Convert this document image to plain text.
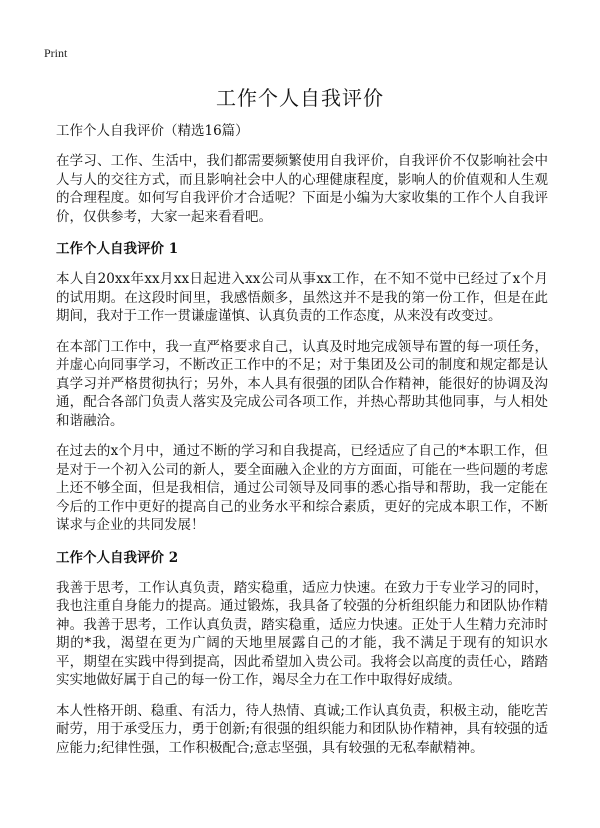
Print
工作个人自我评价

工作个人自我评价（精选16篇）

在学习、工作、生活中，我们都需要频繁使用自我评价，自我评价不仅影响社会中人与人的交往方式，而且影响社会中人的心理健康程度，影响人的价值观和人生观的合理程度。如何写自我评价才合适呢？下面是小编为大家收集的工作个人自我评价，仅供参考，大家一起来看看吧。

工作个人自我评价 1

本人自20xx年xx月xx日起进入xx公司从事xx工作，在不知不觉中已经过了x个月的试用期。在这段时间里，我感悟颇多，虽然这并不是我的第一份工作，但是在此期间，我对于工作一贯谦虚谨慎、认真负责的工作态度，从来没有改变过。

在本部门工作中，我一直严格要求自己，认真及时地完成领导布置的每一项任务，并虚心向同事学习，不断改正工作中的不足；对于集团及公司的制度和规定都是认真学习并严格贯彻执行；另外，本人具有很强的团队合作精神，能很好的协调及沟通，配合各部门负责人落实及完成公司各项工作，并热心帮助其他同事，与人相处和谐融洽。

在过去的x个月中，通过不断的学习和自我提高，已经适应了自己的*本职工作，但是对于一个初入公司的新人，要全面融入企业的方方面面，可能在一些问题的考虑上还不够全面，但是我相信，通过公司领导及同事的悉心指导和帮助，我一定能在今后的工作中更好的提高自己的业务水平和综合素质，更好的完成本职工作，不断谋求与企业的共同发展！

工作个人自我评价 2

我善于思考，工作认真负责，踏实稳重，适应力快速。在致力于专业学习的同时，我也注重自身能力的提高。通过锻炼，我具备了较强的分析组织能力和团队协作精神。我善于思考，工作认真负责，踏实稳重，适应力快速。正处于人生精力充沛时期的*我，渴望在更为广阔的天地里展露自己的才能，我不满足于现有的知识水平，期望在实践中得到提高，因此希望加入贵公司。我将会以高度的责任心，踏踏实实地做好属于自己的每一份工作，竭尽全力在工作中取得好成绩。

本人性格开朗、稳重、有活力，待人热情、真诚;工作认真负责，积极主动，能吃苦耐劳，用于承受压力，勇于创新;有很强的组织能力和团队协作精神，具有较强的适应能力;纪律性强，工作积极配合;意志坚强，具有较强的无私奉献精神。
